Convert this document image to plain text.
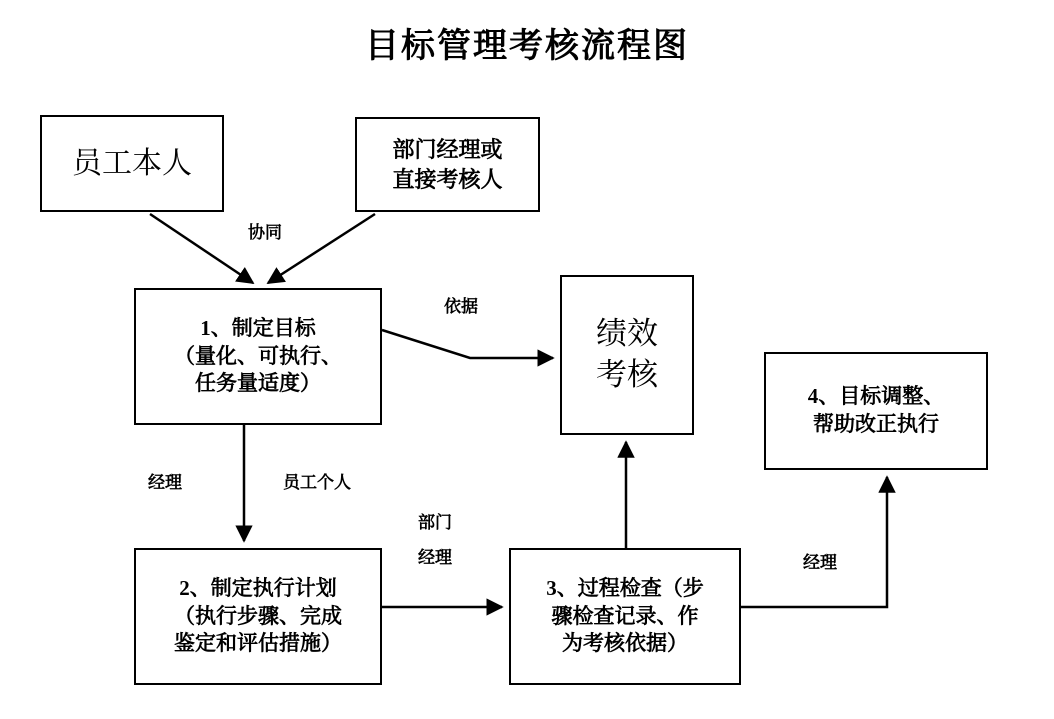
目标管理考核流程图
员工本人	部门经理或
直接考核人
1、制定目标
（量化、可执行、
任务量适度）
绩效
考核
4、目标调整、
帮助改正执行
2、制定执行计划
（执行步骤、完成
鉴定和评估措施）
3、过程检查（步
骤检查记录、作
为考核依据）
协同
依据
经理	员工个人
部门
经理	经理
